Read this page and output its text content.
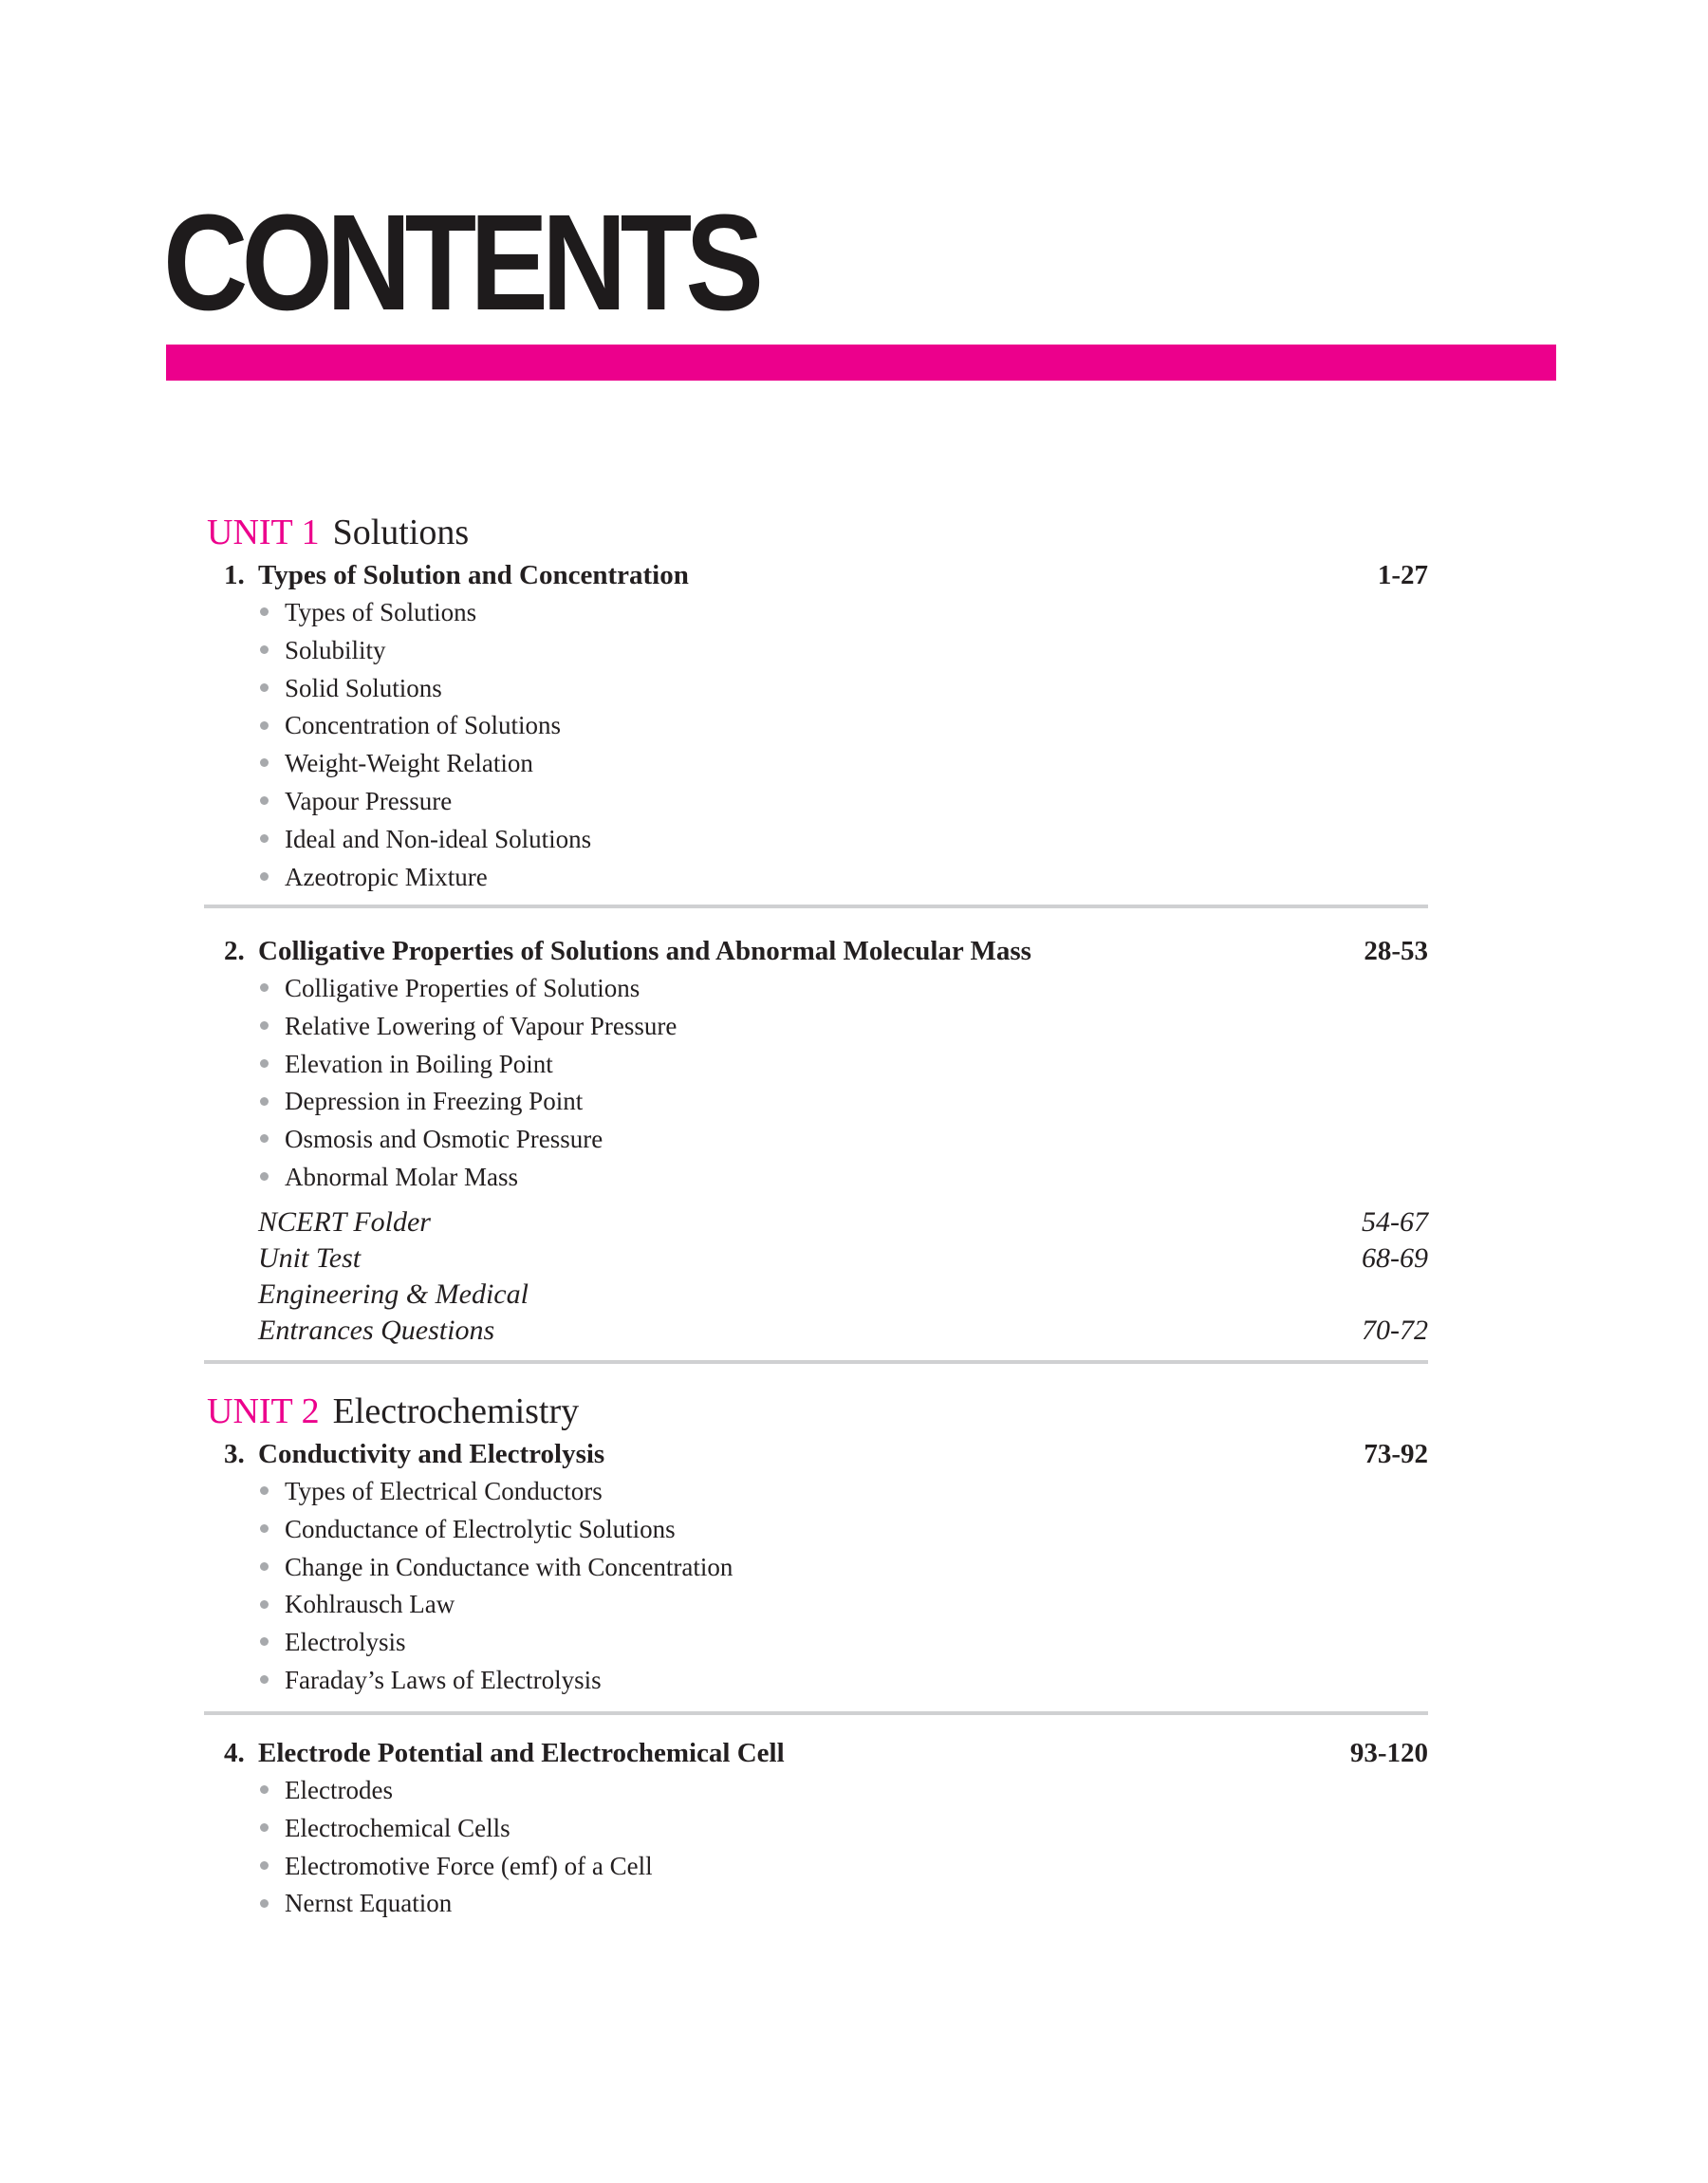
CONTENTS
UNIT 1 Solutions
1. Types of Solution and Concentration	1-27
Types of Solutions
Solubility
Solid Solutions
Concentration of Solutions
Weight-Weight Relation
Vapour Pressure
Ideal and Non-ideal Solutions
Azeotropic Mixture
2. Colligative Properties of Solutions and Abnormal Molecular Mass	28-53
Colligative Properties of Solutions
Relative Lowering of Vapour Pressure
Elevation in Boiling Point
Depression in Freezing Point
Osmosis and Osmotic Pressure
Abnormal Molar Mass
NCERT Folder	54-67
Unit Test	68-69
Engineering & Medical
Entrances Questions	70-72
UNIT 2 Electrochemistry
3. Conductivity and Electrolysis	73-92
Types of Electrical Conductors
Conductance of Electrolytic Solutions
Change in Conductance with Concentration
Kohlrausch Law
Electrolysis
Faraday’s Laws of Electrolysis
4. Electrode Potential and Electrochemical Cell	93-120
Electrodes
Electrochemical Cells
Electromotive Force (emf) of a Cell
Nernst Equation
